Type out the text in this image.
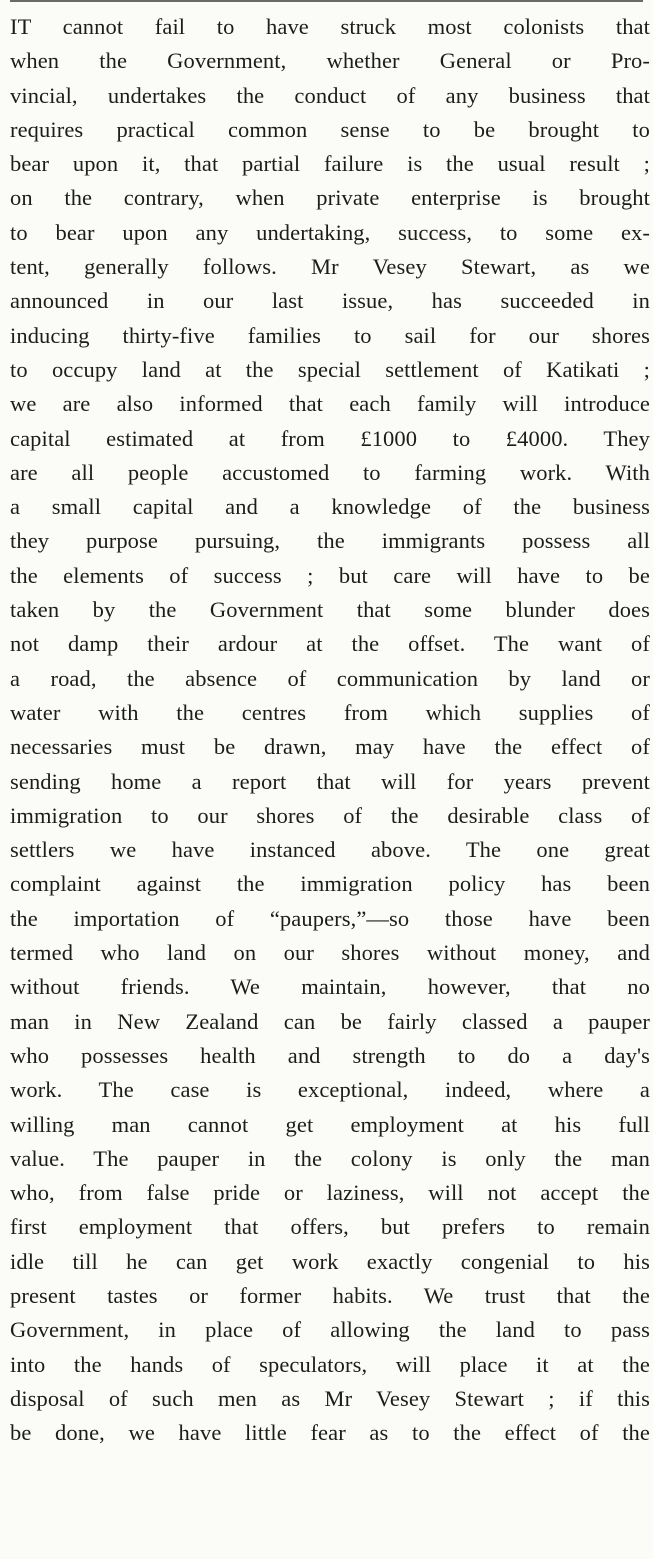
IT cannot fail to have struck most colonists that
when the Government, whether General or Pro-
vincial, undertakes the conduct of any business that
requires practical common sense to be brought to
bear upon it, that partial failure is the usual result ;
on the contrary, when private enterprise is brought
to bear upon any undertaking, success, to some ex-
tent, generally follows. Mr Vesey Stewart, as we
announced in our last issue, has succeeded in
inducing thirty-five families to sail for our shores
to occupy land at the special settlement of Katikati ;
we are also informed that each family will introduce
capital estimated at from £1000 to £4000. They
are all people accustomed to farming work. With
a small capital and a knowledge of the business
they purpose pursuing, the immigrants possess all
the elements of success ; but care will have to be
taken by the Government that some blunder does
not damp their ardour at the offset. The want of
a road, the absence of communication by land or
water with the centres from which supplies of
necessaries must be drawn, may have the effect of
sending home a report that will for years prevent
immigration to our shores of the desirable class of
settlers we have instanced above. The one great
complaint against the immigration policy has been
the importation of “paupers,”—so those have been
termed who land on our shores without money, and
without friends. We maintain, however, that no
man in New Zealand can be fairly classed a pauper
who possesses health and strength to do a day's
work. The case is exceptional, indeed, where a
willing man cannot get employment at his full
value. The pauper in the colony is only the man
who, from false pride or laziness, will not accept the
first employment that offers, but prefers to remain
idle till he can get work exactly congenial to his
present tastes or former habits. We trust that the
Government, in place of allowing the land to pass
into the hands of speculators, will place it at the
disposal of such men as Mr Vesey Stewart ; if this
be done, we have little fear as to the effect of the
